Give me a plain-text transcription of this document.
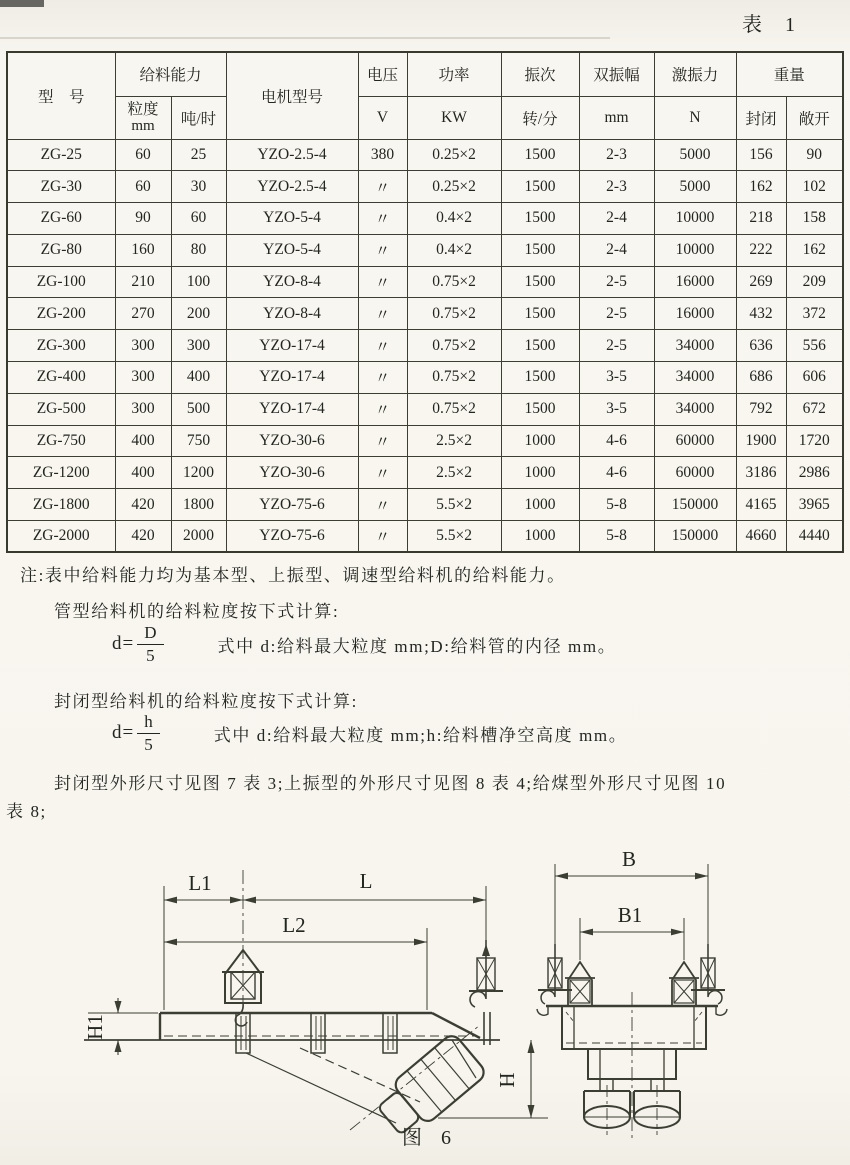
表 1
型　号	给料能力		电机型号	电压	功率	振次	双振幅	激振力	重量	

	粒度
mm	吨/时		V	KW	转/分	mm	N	封闭	敞开
ZG-25	60	25	YZO-2.5-4	380	0.25×2	1500	2-3	5000	156	90
ZG-30	60	30	YZO-2.5-4	〃	0.25×2	1500	2-3	5000	162	102
ZG-60	90	60	YZO-5-4	〃	0.4×2	1500	2-4	10000	218	158
ZG-80	160	80	YZO-5-4	〃	0.4×2	1500	2-4	10000	222	162
ZG-100	210	100	YZO-8-4	〃	0.75×2	1500	2-5	16000	269	209
ZG-200	270	200	YZO-8-4	〃	0.75×2	1500	2-5	16000	432	372
ZG-300	300	300	YZO-17-4	〃	0.75×2	1500	2-5	34000	636	556
ZG-400	300	400	YZO-17-4	〃	0.75×2	1500	3-5	34000	686	606
ZG-500	300	500	YZO-17-4	〃	0.75×2	1500	3-5	34000	792	672
ZG-750	400	750	YZO-30-6	〃	2.5×2	1000	4-6	60000	1900	1720
ZG-1200	400	1200	YZO-30-6	〃	2.5×2	1000	4-6	60000	3186	2986
ZG-1800	420	1800	YZO-75-6	〃	5.5×2	1000	5-8	150000	4165	3965
ZG-2000	420	2000	YZO-75-6	〃	5.5×2	1000	5-8	150000	4660	4440
注:表中给料能力均为基本型、上振型、调速型给料机的给料能力。
管型给料机的给料粒度按下式计算:
$d= \frac{D}{5}$	式中 d:给料最大粒度 mm;D:给料管的内径 mm。
封闭型给料机的给料粒度按下式计算:
$d= \frac{h}{5}$	式中 d:给料最大粒度 mm;h:给料槽净空高度 mm。
封闭型外形尺寸见图 7 表 3;上振型的外形尺寸见图 8 表 4;给煤型外形尺寸见图 10
表 8;
L1	L
L2
H1
H
B
B1
图 6
